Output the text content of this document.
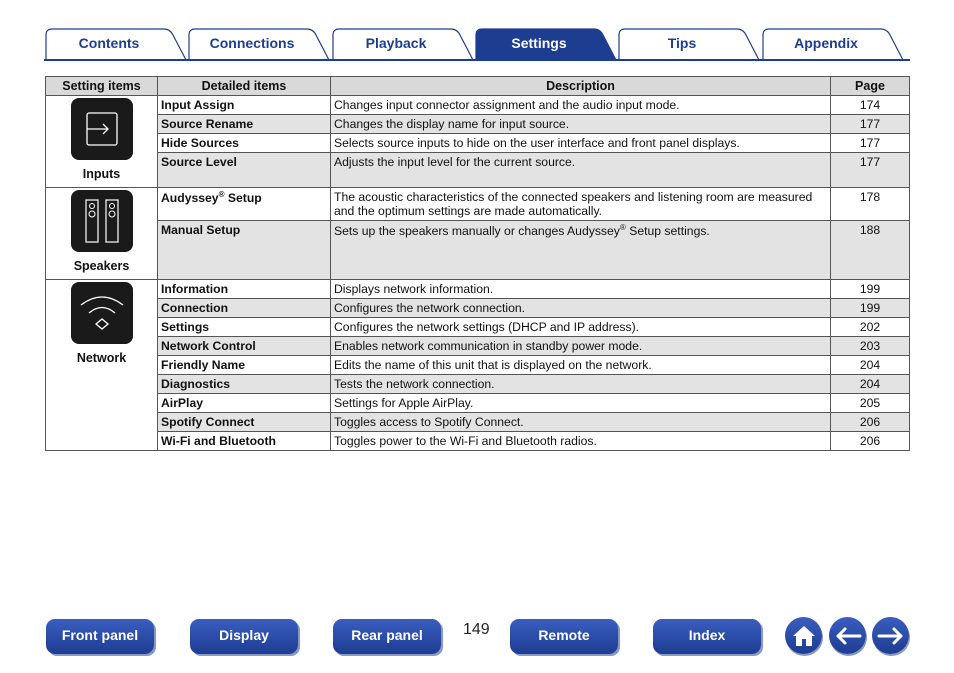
Contents	Connections	Playback	Settings	Tips	Appendix
Setting items	Detailed items	Description	Page

Inputs	Input Assign	Changes input connector assignment and the audio input mode.	174
	Source Rename	Changes the display name for input source.	177
	Hide Sources	Selects source inputs to hide on the user interface and front panel displays.	177
	Source Level	Adjusts the input level for the current source.	177

Speakers	Audyssey® Setup	The acoustic characteristics of the connected speakers and listening room are measured and the optimum settings are made automatically.	178
	Manual Setup	Sets up the speakers manually or changes Audyssey® Setup settings.	188

Network	Information	Displays network information.	199
	Connection	Configures the network connection.	199
	Settings	Configures the network settings (DHCP and IP address).	202
	Network Control	Enables network communication in standby power mode.	203
	Friendly Name	Edits the name of this unit that is displayed on the network.	204
	Diagnostics	Tests the network connection.	204
	AirPlay	Settings for Apple AirPlay.	205
	Spotify Connect	Toggles access to Spotify Connect.	206
	Wi-Fi and Bluetooth	Toggles power to the Wi-Fi and Bluetooth radios.	206
Front panel	Display	Rear panel	149	Remote	Index
